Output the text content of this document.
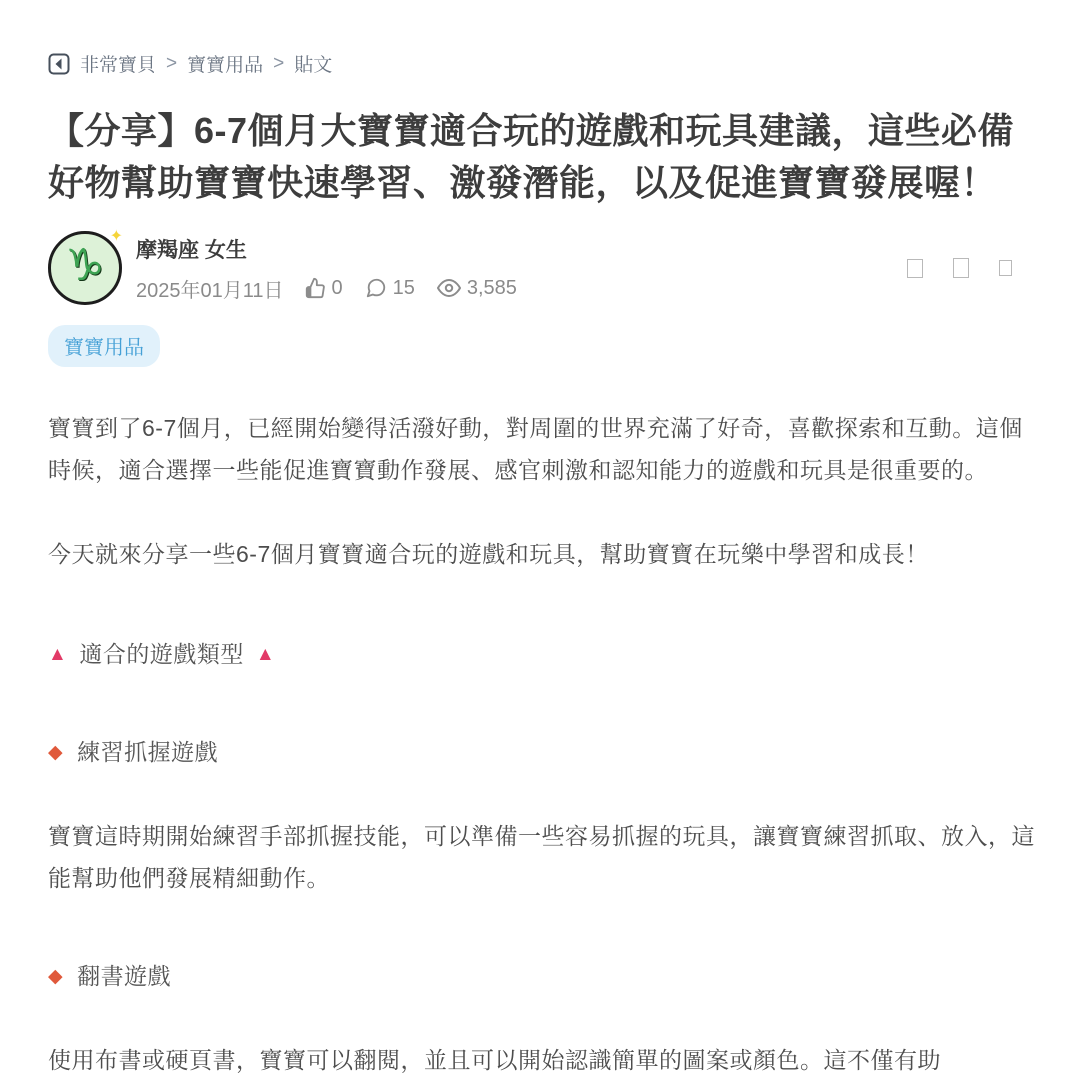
非常寶貝 > 寶寶用品 > 貼文
【分享】6-7個月大寶寶適合玩的遊戲和玩具建議，這些必備好物幫助寶寶快速學習、激發潛能，以及促進寶寶發展喔！
♑
✦
摩羯座 女生
2025年01月11日 0	15	3,585
寶寶用品

寶寶到了6-7個月，已經開始變得活潑好動，對周圍的世界充滿了好奇，喜歡探索和互動。這個時候，適合選擇一些能促進寶寶動作發展、感官刺激和認知能力的遊戲和玩具是很重要的。

今天就來分享一些6-7個月寶寶適合玩的遊戲和玩具，幫助寶寶在玩樂中學習和成長！

▲ 適合的遊戲類型 ▲
◆ 練習抓握遊戲

寶寶這時期開始練習手部抓握技能，可以準備一些容易抓握的玩具，讓寶寶練習抓取、放入，這能幫助他們發展精細動作。

◆ 翻書遊戲

使用布書或硬頁書，寶寶可以翻閱，並且可以開始認識簡單的圖案或顏色。這不僅有助
